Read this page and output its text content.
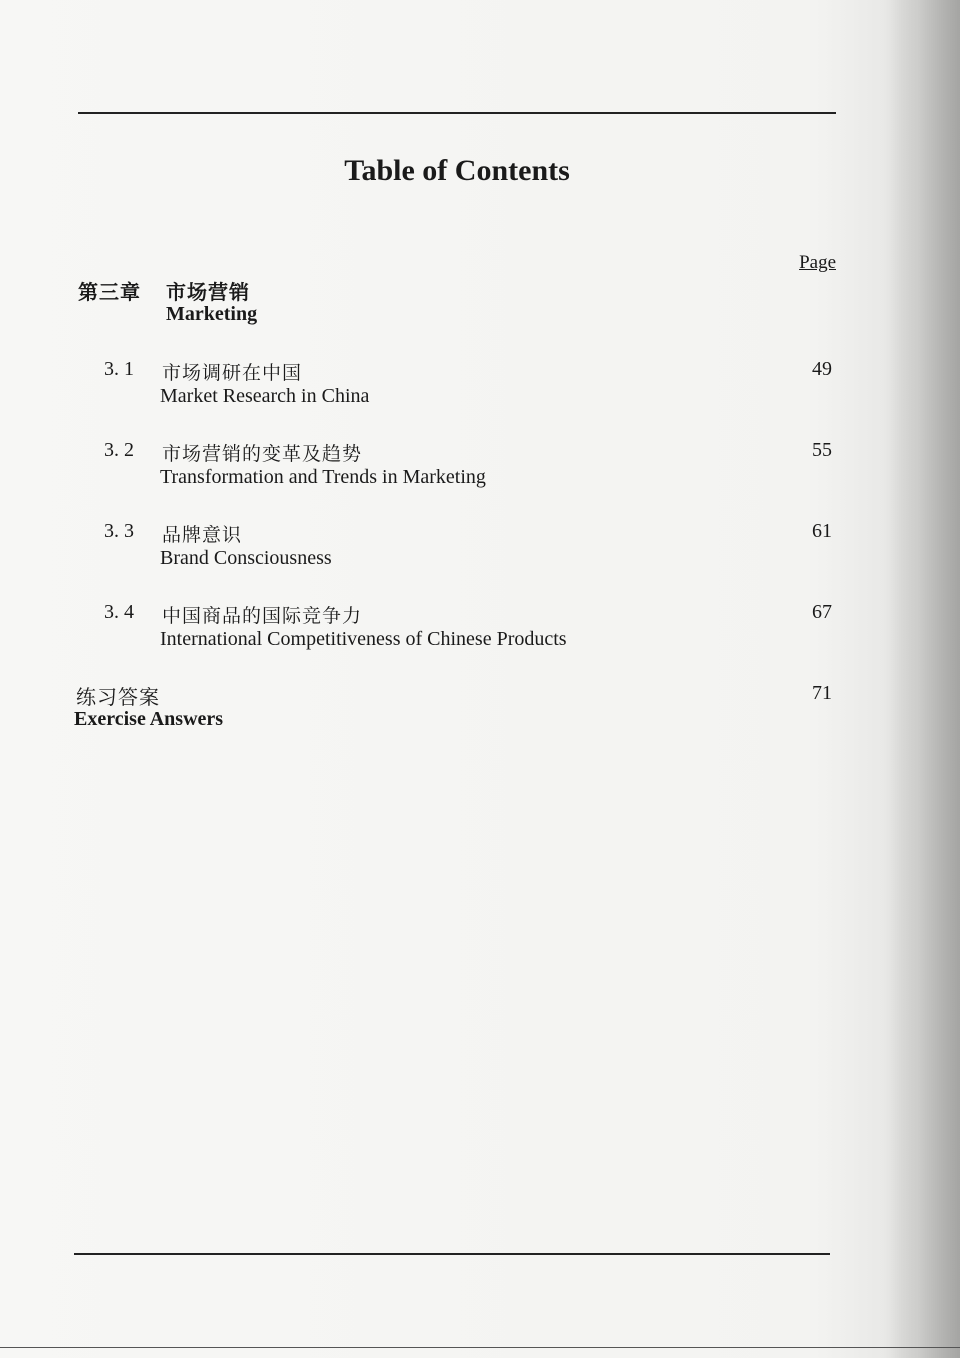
Table of Contents
Page
第三章 市场营销
Marketing
3. 1 市场调研在中国
Market Research in China
49
3. 2 市场营销的变革及趋势
Transformation and Trends in Marketing
55
3. 3 品牌意识
Brand Consciousness
61
3. 4 中国商品的国际竞争力
International Competitiveness of Chinese Products
67
练习答案
Exercise Answers
71
